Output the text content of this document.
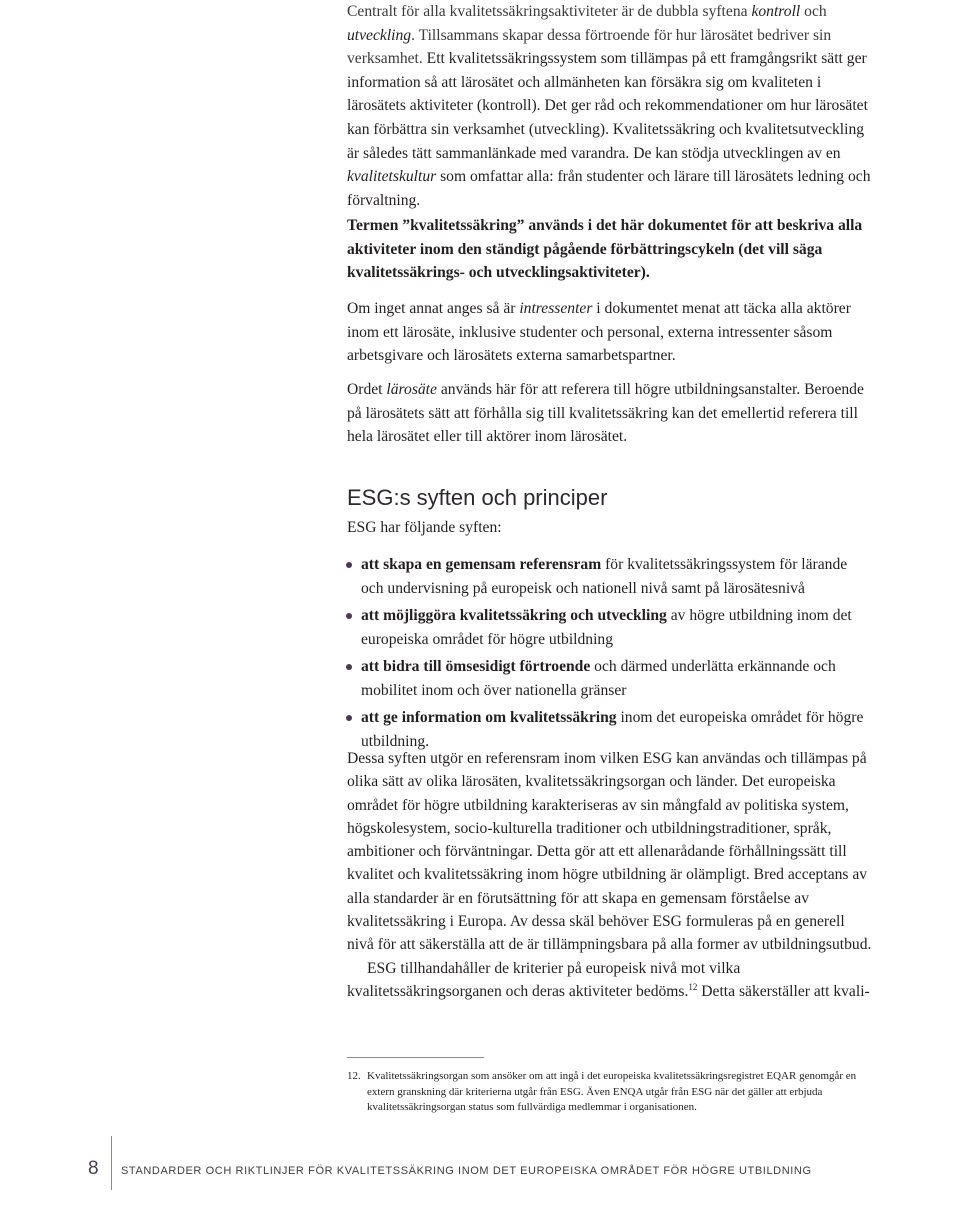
Centralt för alla kvalitetssäkringsaktiviteter är de dubbla syftena kontroll och utveckling. Tillsammans skapar dessa förtroende för hur lärosätet bedriver sin verksamhet. Ett kvalitetssäkringssystem som tillämpas på ett framgångsrikt sätt ger information så att lärosätet och allmänheten kan försäkra sig om kvaliteten i lärosätets aktiviteter (kontroll). Det ger råd och rekommendationer om hur lärosätet kan förbättra sin verksamhet (utveckling). Kvalitetssäkring och kvalitetsutveckling är således tätt sammanlänkade med varandra. De kan stödja utvecklingen av en kvalitetskultur som omfattar alla: från studenter och lärare till lärosätets ledning och förvaltning.

Termen ”kvalitetssäkring” används i det här dokumentet för att beskriva alla aktiviteter inom den ständigt pågående förbättringscykeln (det vill säga kvalitetssäkrings- och utvecklingsaktiviteter).

Om inget annat anges så är intressenter i dokumentet menat att täcka alla aktörer inom ett lärosäte, inklusive studenter och personal, externa intressenter såsom arbetsgivare och lärosätets externa samarbetspartner.

Ordet lärosäte används här för att referera till högre utbildningsanstalter. Beroende på lärosätets sätt att förhålla sig till kvalitetssäkring kan det emellertid referera till hela lärosätet eller till aktörer inom lärosätet.

ESG:s syften och principer

ESG har följande syften:

att skapa en gemensam referensram för kvalitetssäkringssystem för lärande och undervisning på europeisk och nationell nivå samt på lärosätesnivå
att möjliggöra kvalitetssäkring och utveckling av högre utbildning inom det europeiska området för högre utbildning
att bidra till ömsesidigt förtroende och därmed underlätta erkännande och mobilitet inom och över nationella gränser
att ge information om kvalitetssäkring inom det europeiska området för högre utbildning.

Dessa syften utgör en referensram inom vilken ESG kan användas och tillämpas på olika sätt av olika lärosäten, kvalitetssäkringsorgan och länder. Det europeiska området för högre utbildning karakteriseras av sin mångfald av politiska system, högskolesystem, socio-kulturella traditioner och utbildningstraditioner, språk, ambitioner och förväntningar. Detta gör att ett allenarådande förhållningssätt till kvalitet och kvalitetssäkring inom högre utbildning är olämpligt. Bred acceptans av alla standarder är en förutsättning för att skapa en gemensam förståelse av kvalitetssäkring i Europa. Av dessa skäl behöver ESG formuleras på en generell nivå för att säkerställa att de är tillämpningsbara på alla former av utbildningsutbud.

ESG tillhandahåller de kriterier på europeisk nivå mot vilka kvalitetssäkringsorganen och deras aktiviteter bedöms.$^{12}$ Detta säkerställer att kvali-

12. Kvalitetssäkringsorgan som ansöker om att ingå i det europeiska kvalitetssäkringsregistret EQAR genomgår en extern granskning där kriterierna utgår från ESG. Även ENQA utgår från ESG när det gäller att erbjuda kvalitetssäkringsorgan status som fullvärdiga medlemmar i organisationen.
8 STANDARDER OCH RIKTLINJER FÖR KVALITETSSÄKRING INOM DET EUROPEISKA OMRÅDET FÖR HÖGRE UTBILDNING
